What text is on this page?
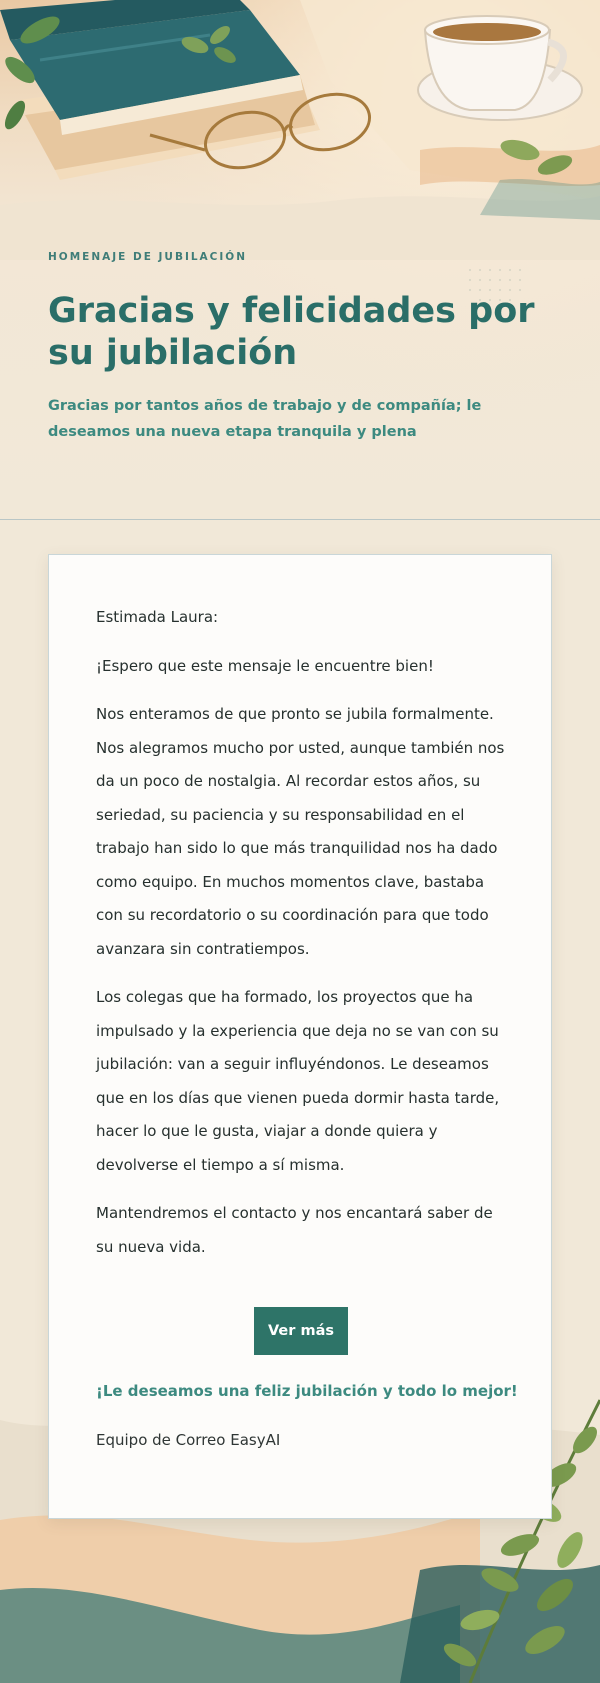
HOMENAJE DE JUBILACIÓN
Gracias y felicidades por su jubilación

Gracias por tantos años de trabajo y de compañía; le deseamos una nueva etapa tranquila y plena

Estimada Laura:

¡Espero que este mensaje le encuentre bien!

Nos enteramos de que pronto se jubila formalmente. Nos alegramos mucho por usted, aunque también nos da un poco de nostalgia. Al recordar estos años, su seriedad, su paciencia y su responsabilidad en el trabajo han sido lo que más tranquilidad nos ha dado como equipo. En muchos momentos clave, bastaba con su recordatorio o su coordinación para que todo avanzara sin contratiempos.

Los colegas que ha formado, los proyectos que ha impulsado y la experiencia que deja no se van con su jubilación: van a seguir influyéndonos. Le deseamos que en los días que vienen pueda dormir hasta tarde, hacer lo que le gusta, viajar a donde quiera y devolverse el tiempo a sí misma.

Mantendremos el contacto y nos encantará saber de su nueva vida.

Ver más

¡Le deseamos una feliz jubilación y todo lo mejor!

Equipo de Correo EasyAI
